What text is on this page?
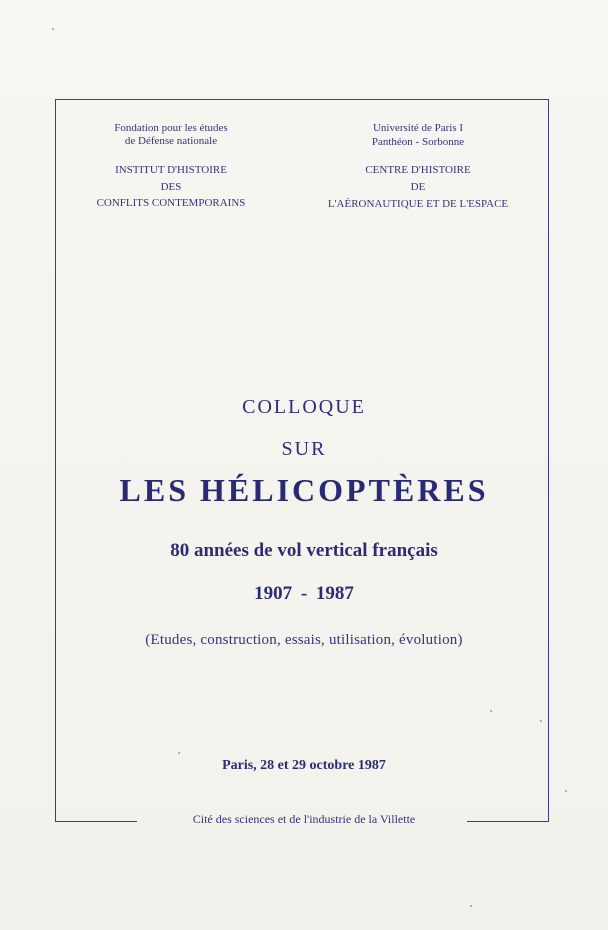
Fondation pour les études
de Défense nationale
INSTITUT D'HISTOIRE
DES
CONFLITS CONTEMPORAINS
Université de Paris I
Panthéon - Sorbonne
CENTRE D'HISTOIRE
DE
L'AÉRONAUTIQUE ET DE L'ESPACE
COLLOQUE
SUR
LES HÉLICOPTÈRES
80 années de vol vertical français
1907 - 1987
(Etudes, construction, essais, utilisation, évolution)
Paris, 28 et 29 octobre 1987
Cité des sciences et de l'industrie de la Villette
